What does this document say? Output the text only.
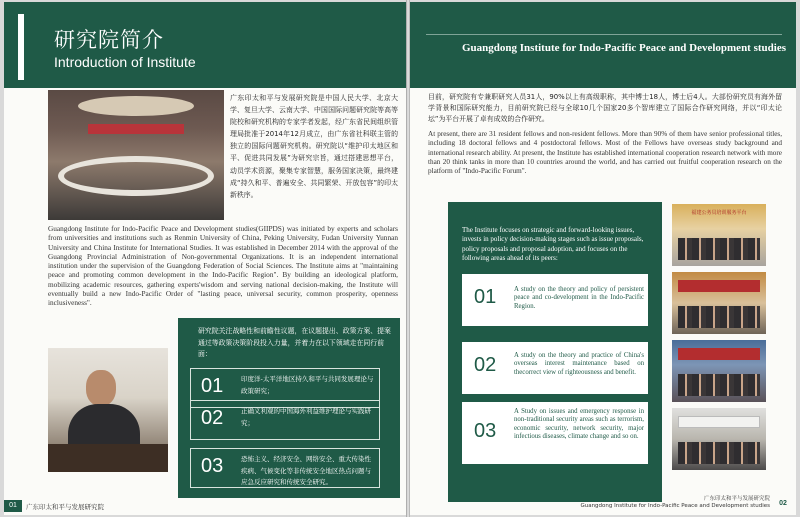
研究院简介
Introduction of Institute
广东印太和平与发展研究院是中国人民大学、北京大学、复旦大学、云南大学、中国国际问题研究院等高等院校和研究机构的专家学者发起，经广东省民间组织管理局批准于2014年12月成立，由广东省社科联主管的独立的国际问题研究机构。研究院以“维护印太地区和平、促进共同发展”为研究宗旨，通过搭建思想平台，动员学术资源，聚集专家智慧，服务国家决策，最终建成“持久和平、普遍安全、共同繁荣、开放包容”的印太新秩序。
Guangdong Institute for Indo-Pacific Peace and Development studies(GIIPDS) was initiated by experts and scholars from universities and institutions such as Renmin University of China, Peking University, Fudan University Yunnan University and China Institute for International Studies. It was established in December 2014 with the approval of the Guangdong Provincial Administration of Non-governmental Organizations. It is an independent international institution under the supervision of the Guangdong Federation of Social Sciences. The Institute aims at "maintaining peace and promoting common development in the Indo-Pacific Region". By building an ideological platform, mobilizing academic resources, gathering experts'wisdom and serving national decision-making, the Institute will eventually build a new Indo-Pacific Order of "lasting peace, universal security, common prosperity, openness inclusiveness".
研究院关注战略性和前瞻性议题，在议题提出、政策方案、提案通过等政策决策阶段投入力量，并着力在以下领域走在同行前面：
01	印度洋-太平洋地区持久和平与共同发展理论与政策研究；
02	正确义利观的中国海外利益维护理论与实践研究；
03	恐怖主义、经济安全、网络安全、重大传染性疾病、气候变化等非传统安全地区热点问题与应急反应研究和传统安全研究。
01	广东印太和平与发展研究院
Guangdong Institute for Indo-Pacific Peace and Development studies
目前，研究院有专兼职研究人员31人，90%以上有高级职称，其中博士18人，博士后4人。大部份研究员有海外留学背景和国际研究能力，目前研究院已经与全球10几个国家20多个智库建立了国际合作研究网络，并以“印太论坛”为平台开展了卓有成效的合作研究。
At present, there are 31 resident fellows and non-resident fellows. More than 90% of them have senior professional titles, including 18 doctoral fellows and 4 postdoctoral fellows. Most of the Fellows have overseas study background and international research ability. At present, the Institute has established international cooperation research network with more than 20 think tanks in more than 10 countries around the world, and has carried out fruitful cooperation research on the platform of "Indo-Pacific Forum".
The Institute focuses on strategic and forward-looking issues, invests in policy decision-making stages such as issue proposals, policy proposals and proposal adoption, and focuses on the following areas ahead of its peers:
01	A study on the theory and policy of persistent peace and co-development in the Indo-Pacific Region.
02	A study on the theory and practice of China's overseas interest maintenance based on thecorrect view of righteousness and benefit.
03
A Study on issues and emergency response in non-traditional security areas such as terrorism, economic security, network security, major infectious diseases, climate change and so on.
福建公务员培训服务平台
广东印太和平与发展研究院
Guangdong Institute for Indo-Pacific Peace and Development studies	02
